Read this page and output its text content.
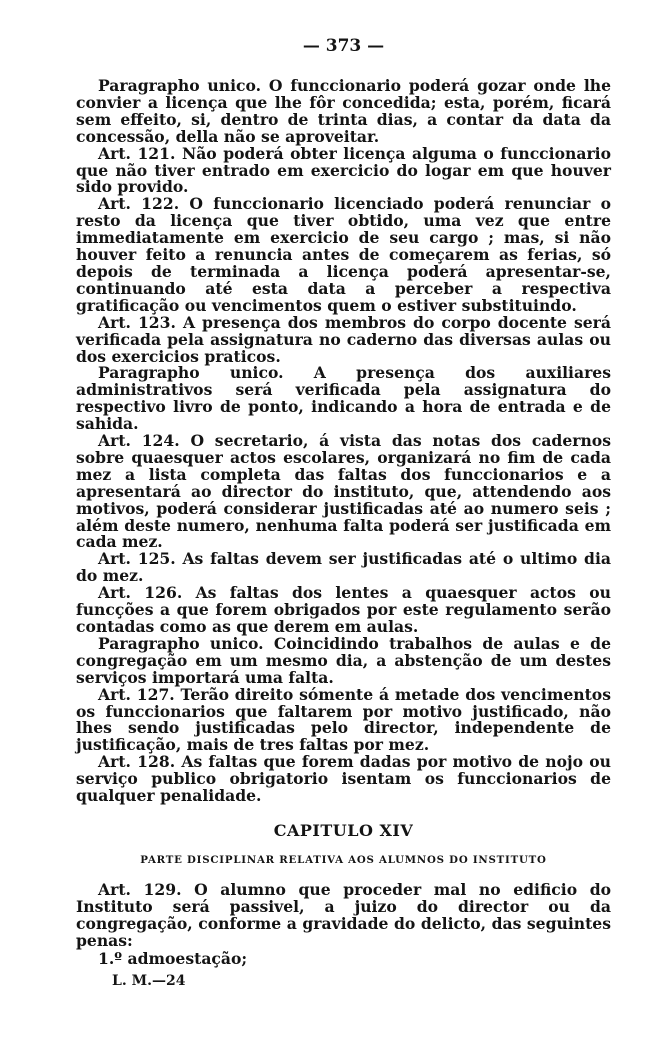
— 373 —

Paragrapho unico. O funccionario poderá gozar onde lhe convier a licença que lhe fôr concedida; esta, porém, ficará sem effeito, si, dentro de trinta dias, a contar da data da concessão, della não se aproveitar.

Art. 121. Não poderá obter licença alguma o funccionario que não tiver entrado em exercicio do logar em que houver sido provido.

Art. 122. O funccionario licenciado poderá renunciar o resto da licença que tiver obtido, uma vez que entre immediatamente em exercicio de seu cargo ; mas, si não houver feito a renuncia antes de começarem as ferias, só depois de terminada a licença poderá apresentar-se, continuando até esta data a perceber a respectiva gratificação ou vencimentos quem o estiver substituindo.

Art. 123. A presença dos membros do corpo docente será verificada pela assignatura no caderno das diversas aulas ou dos exercicios praticos.

Paragrapho unico. A presença dos auxiliares administrativos será verificada pela assignatura do respectivo livro de ponto, indicando a hora de entrada e de sahida.

Art. 124. O secretario, á vista das notas dos cadernos sobre quaesquer actos escolares, organizará no fim de cada mez a lista completa das faltas dos funccionarios e a apresentará ao director do instituto, que, attendendo aos motivos, poderá considerar justificadas até ao numero seis ; além deste numero, nenhuma falta poderá ser justificada em cada mez.

Art. 125. As faltas devem ser justificadas até o ultimo dia do mez.

Art. 126. As faltas dos lentes a quaesquer actos ou funcções a que forem obrigados por este regulamento serão contadas como as que derem em aulas.

Paragrapho unico. Coincidindo trabalhos de aulas e de congregação em um mesmo dia, a abstenção de um destes serviços importará uma falta.

Art. 127. Terão direito sómente á metade dos vencimentos os funccionarios que faltarem por motivo justificado, não lhes sendo justificadas pelo director, independente de justificação, mais de tres faltas por mez.

Art. 128. As faltas que forem dadas por motivo de nojo ou serviço publico obrigatorio isentam os funccionarios de qualquer penalidade.

CAPITULO XIV
PARTE DISCIPLINAR RELATIVA AOS ALUMNOS DO INSTITUTO

Art. 129. O alumno que proceder mal no edificio do Instituto será passivel, a juizo do director ou da congregação, conforme a gravidade do delicto, das seguintes penas:

1.º admoestação;
L. M.—24
